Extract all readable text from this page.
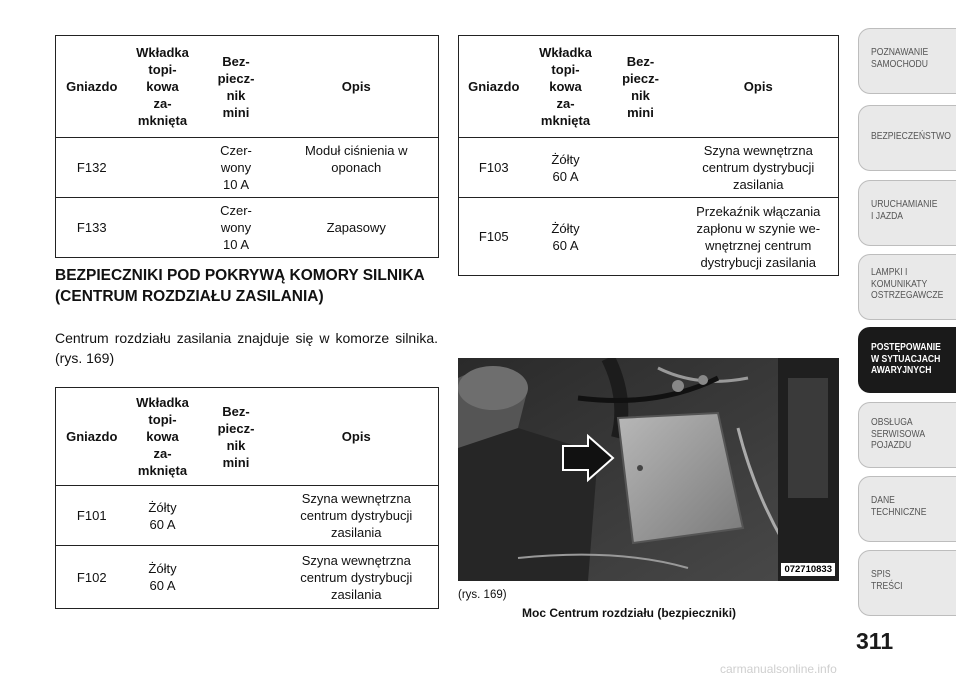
Gniazdo	Wkładka
topi-
kowa
za-
mknięta	Bez-
piecz-
nik
mini	Opis
F132		Czer-
wony
10 A	Moduł ciśnienia w
oponach
F133		Czer-
wony
10 A	Zapasowy
BEZPIECZNIKI POD POKRYWĄ KOMORY SILNIKA (CENTRUM ROZDZIAŁU ZASILANIA)
Centrum rozdziału zasilania znajduje się w komorze silnika. (rys. 169)
Gniazdo	Wkładka
topi-
kowa
za-
mknięta	Bez-
piecz-
nik
mini	Opis
F101	Żółty
60 A		Szyna wewnętrzna
centrum dystrybucji
zasilania
F102	Żółty
60 A		Szyna wewnętrzna
centrum dystrybucji
zasilania
Gniazdo	Wkładka
topi-
kowa
za-
mknięta	Bez-
piecz-
nik
mini	Opis
F103	Żółty
60 A		Szyna wewnętrzna
centrum dystrybucji
zasilania
F105	Żółty
60 A		Przekaźnik włączania
zapłonu w szynie we-
wnętrznej centrum
dystrybucji zasilania
072710833
(rys. 169)
Moc Centrum rozdziału (bezpieczniki)
POZNAWANIE
SAMOCHODU
BEZPIECZEŃSTWO
URUCHAMIANIE
I JAZDA
LAMPKI I
KOMUNIKATY
OSTRZEGAWCZE
POSTĘPOWANIE
W SYTUACJACH
AWARYJNYCH
OBSŁUGA
SERWISOWA
POJAZDU
DANE
TECHNICZNE
SPIS
TREŚCI
311
carmanualsonline.info
